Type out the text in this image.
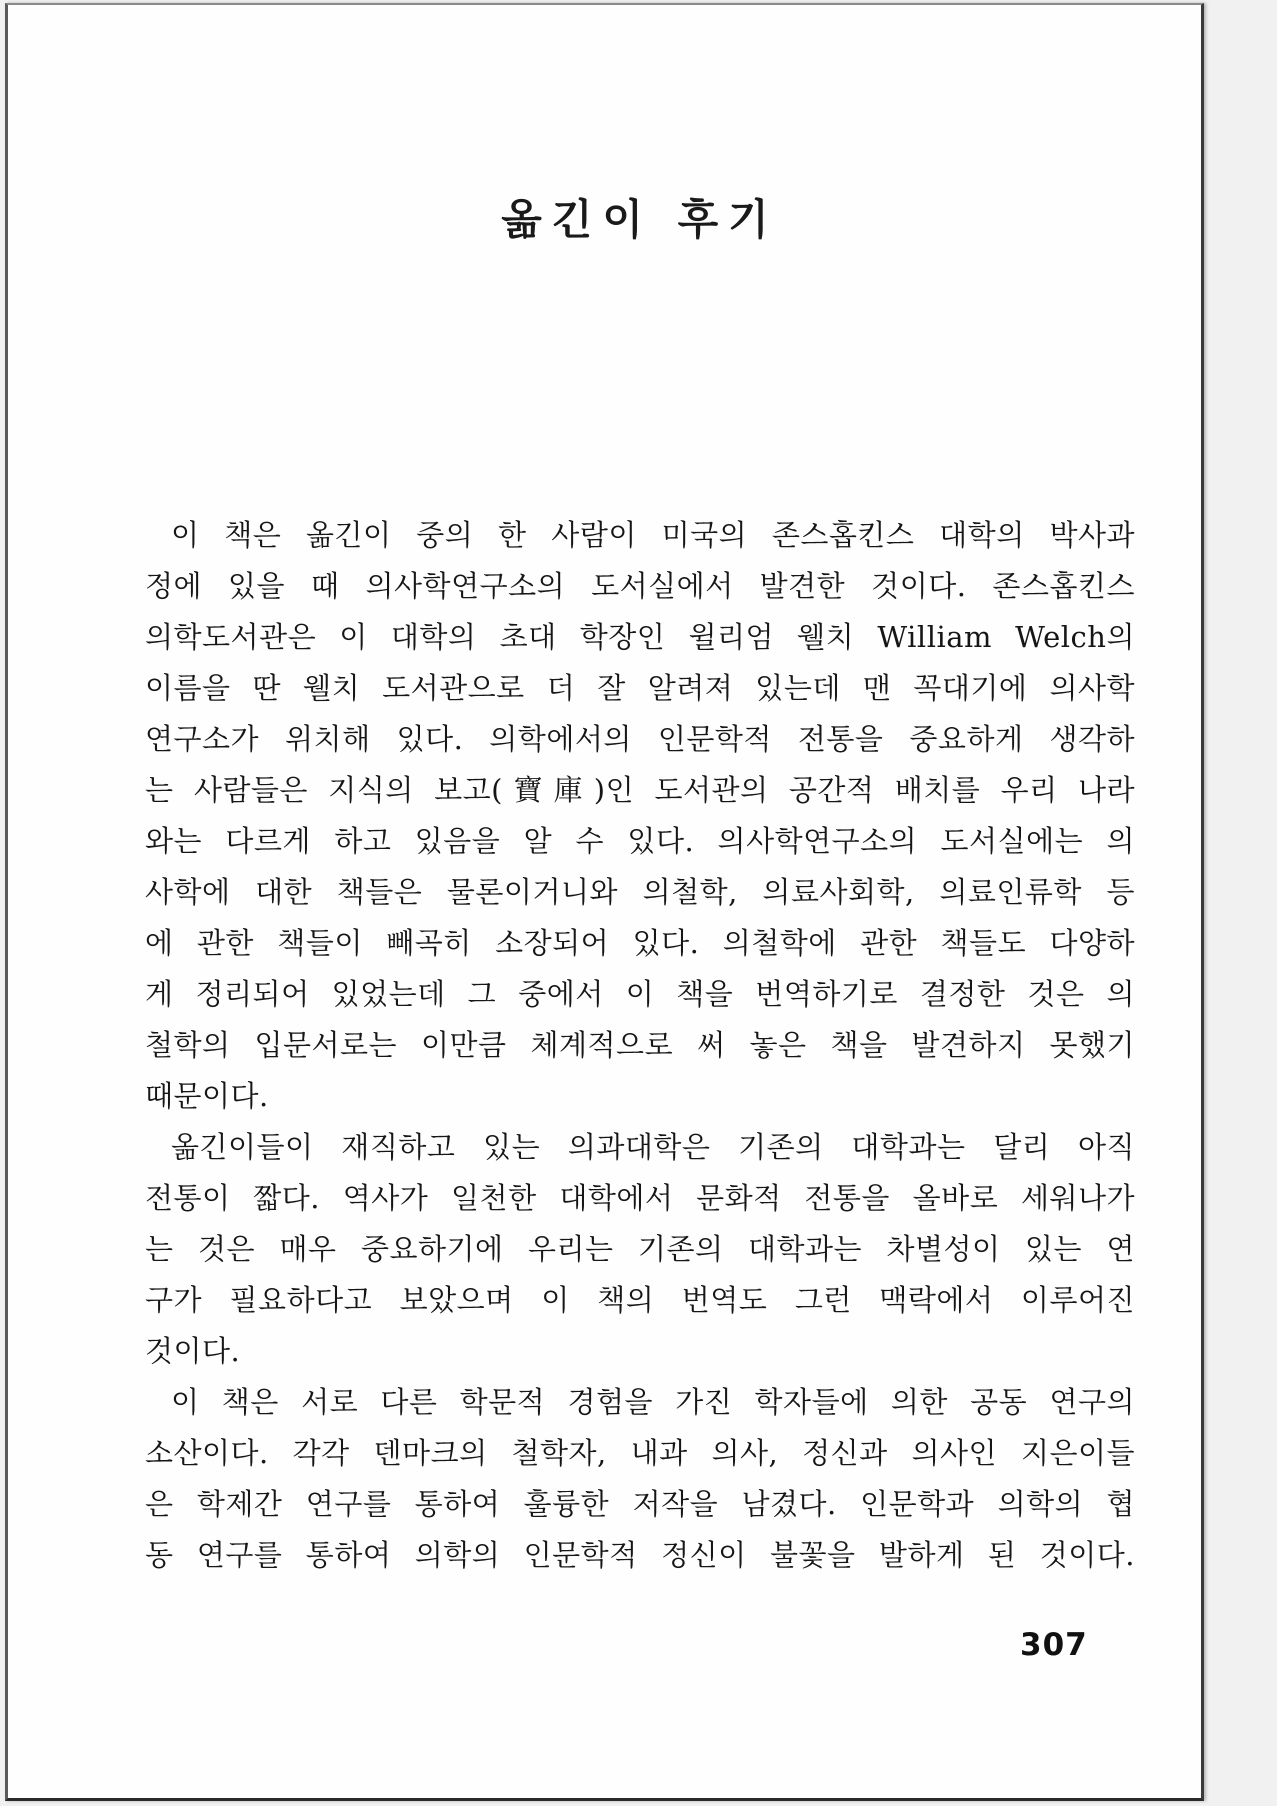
옮긴이 후기
이 책은 옮긴이 중의 한 사람이 미국의 존스홉킨스 대학의 박사과
정에 있을 때 의사학연구소의 도서실에서 발견한 것이다. 존스홉킨스
의학도서관은 이 대학의 초대 학장인 윌리엄 웰치 William Welch의
이름을 딴 웰치 도서관으로 더 잘 알려져 있는데 맨 꼭대기에 의사학
연구소가 위치해 있다. 의학에서의 인문학적 전통을 중요하게 생각하
는 사람들은 지식의 보고(寶庫)인 도서관의 공간적 배치를 우리 나라
와는 다르게 하고 있음을 알 수 있다. 의사학연구소의 도서실에는 의
사학에 대한 책들은 물론이거니와 의철학, 의료사회학, 의료인류학 등
에 관한 책들이 빼곡히 소장되어 있다. 의철학에 관한 책들도 다양하
게 정리되어 있었는데 그 중에서 이 책을 번역하기로 결정한 것은 의
철학의 입문서로는 이만큼 체계적으로 써 놓은 책을 발견하지 못했기
때문이다.
옮긴이들이 재직하고 있는 의과대학은 기존의 대학과는 달리 아직
전통이 짧다. 역사가 일천한 대학에서 문화적 전통을 올바로 세워나가
는 것은 매우 중요하기에 우리는 기존의 대학과는 차별성이 있는 연
구가 필요하다고 보았으며 이 책의 번역도 그런 맥락에서 이루어진
것이다.
이 책은 서로 다른 학문적 경험을 가진 학자들에 의한 공동 연구의
소산이다. 각각 덴마크의 철학자, 내과 의사, 정신과 의사인 지은이들
은 학제간 연구를 통하여 훌륭한 저작을 남겼다. 인문학과 의학의 협
동 연구를 통하여 의학의 인문학적 정신이 불꽃을 발하게 된 것이다.
307
